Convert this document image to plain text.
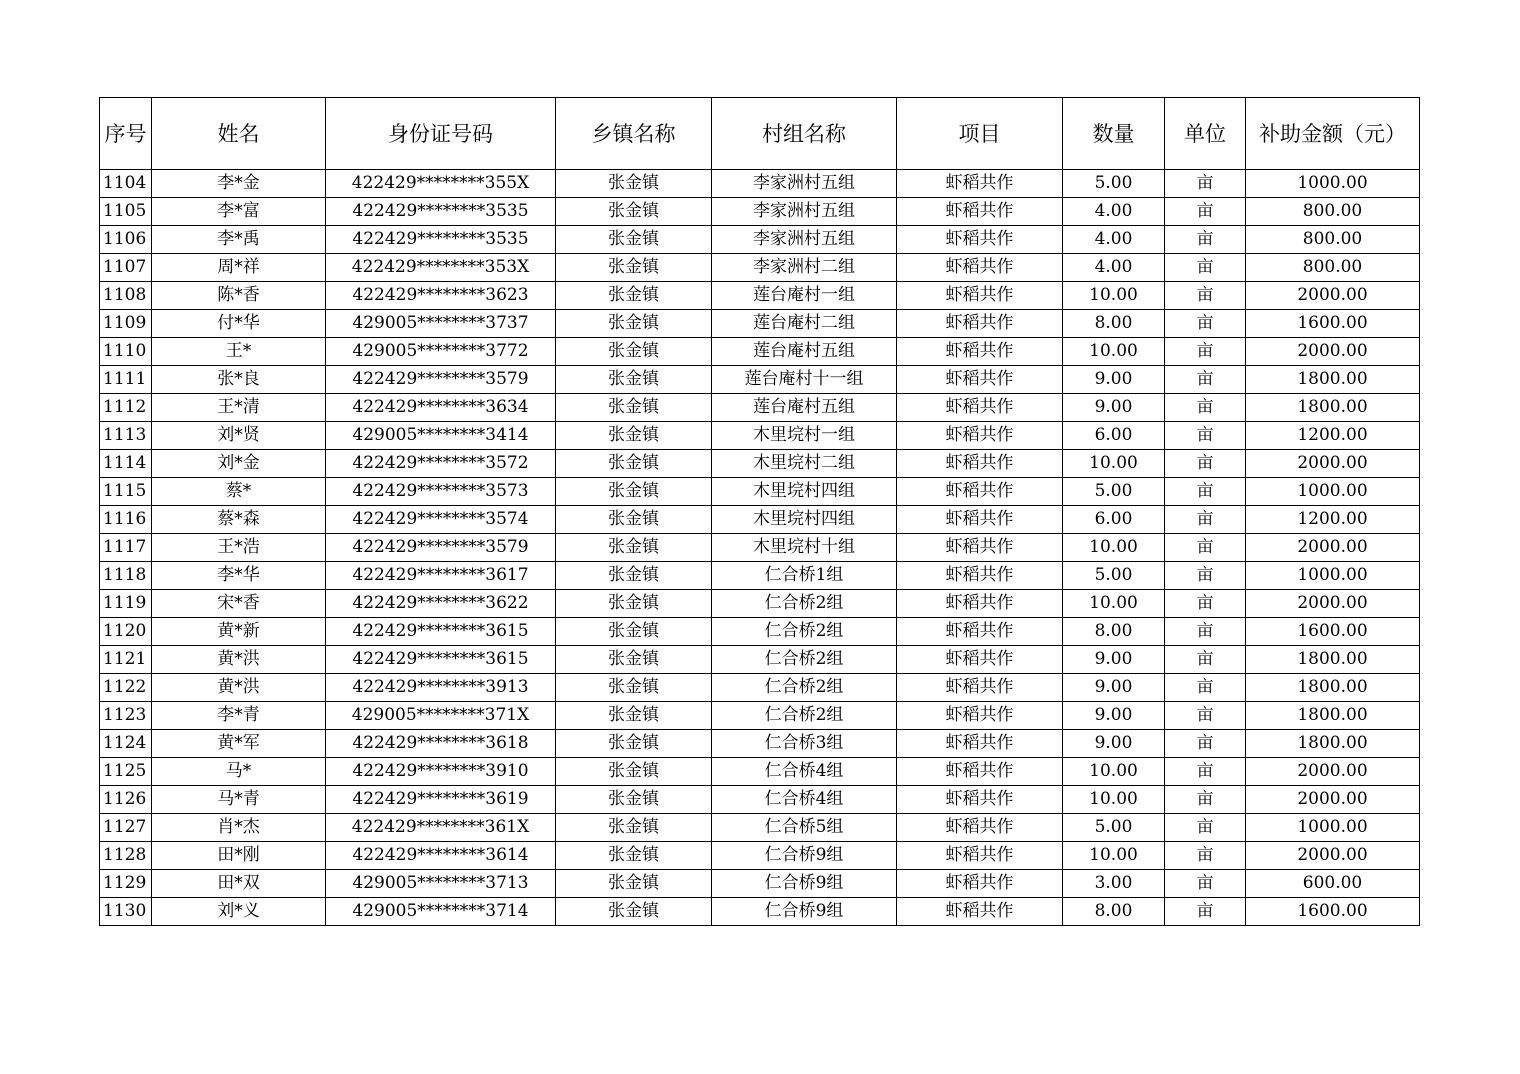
序号	姓名	身份证号码	乡镇名称	村组名称	项目	数量	单位	补助金额（元）
1104	李*金	422429********355X	张金镇	李家洲村五组	虾稻共作	5.00	亩	1000.00
1105	李*富	422429********3535	张金镇	李家洲村五组	虾稻共作	4.00	亩	800.00
1106	李*禹	422429********3535	张金镇	李家洲村五组	虾稻共作	4.00	亩	800.00
1107	周*祥	422429********353X	张金镇	李家洲村二组	虾稻共作	4.00	亩	800.00
1108	陈*香	422429********3623	张金镇	莲台庵村一组	虾稻共作	10.00	亩	2000.00
1109	付*华	429005********3737	张金镇	莲台庵村二组	虾稻共作	8.00	亩	1600.00
1110	王*	429005********3772	张金镇	莲台庵村五组	虾稻共作	10.00	亩	2000.00
1111	张*良	422429********3579	张金镇	莲台庵村十一组	虾稻共作	9.00	亩	1800.00
1112	王*清	422429********3634	张金镇	莲台庵村五组	虾稻共作	9.00	亩	1800.00
1113	刘*贤	429005********3414	张金镇	木里垸村一组	虾稻共作	6.00	亩	1200.00
1114	刘*金	422429********3572	张金镇	木里垸村二组	虾稻共作	10.00	亩	2000.00
1115	蔡*	422429********3573	张金镇	木里垸村四组	虾稻共作	5.00	亩	1000.00
1116	蔡*森	422429********3574	张金镇	木里垸村四组	虾稻共作	6.00	亩	1200.00
1117	王*浩	422429********3579	张金镇	木里垸村十组	虾稻共作	10.00	亩	2000.00
1118	李*华	422429********3617	张金镇	仁合桥1组	虾稻共作	5.00	亩	1000.00
1119	宋*香	422429********3622	张金镇	仁合桥2组	虾稻共作	10.00	亩	2000.00
1120	黄*新	422429********3615	张金镇	仁合桥2组	虾稻共作	8.00	亩	1600.00
1121	黄*洪	422429********3615	张金镇	仁合桥2组	虾稻共作	9.00	亩	1800.00
1122	黄*洪	422429********3913	张金镇	仁合桥2组	虾稻共作	9.00	亩	1800.00
1123	李*青	429005********371X	张金镇	仁合桥2组	虾稻共作	9.00	亩	1800.00
1124	黄*军	422429********3618	张金镇	仁合桥3组	虾稻共作	9.00	亩	1800.00
1125	马*	422429********3910	张金镇	仁合桥4组	虾稻共作	10.00	亩	2000.00
1126	马*青	422429********3619	张金镇	仁合桥4组	虾稻共作	10.00	亩	2000.00
1127	肖*杰	422429********361X	张金镇	仁合桥5组	虾稻共作	5.00	亩	1000.00
1128	田*刚	422429********3614	张金镇	仁合桥9组	虾稻共作	10.00	亩	2000.00
1129	田*双	429005********3713	张金镇	仁合桥9组	虾稻共作	3.00	亩	600.00
1130	刘*义	429005********3714	张金镇	仁合桥9组	虾稻共作	8.00	亩	1600.00
